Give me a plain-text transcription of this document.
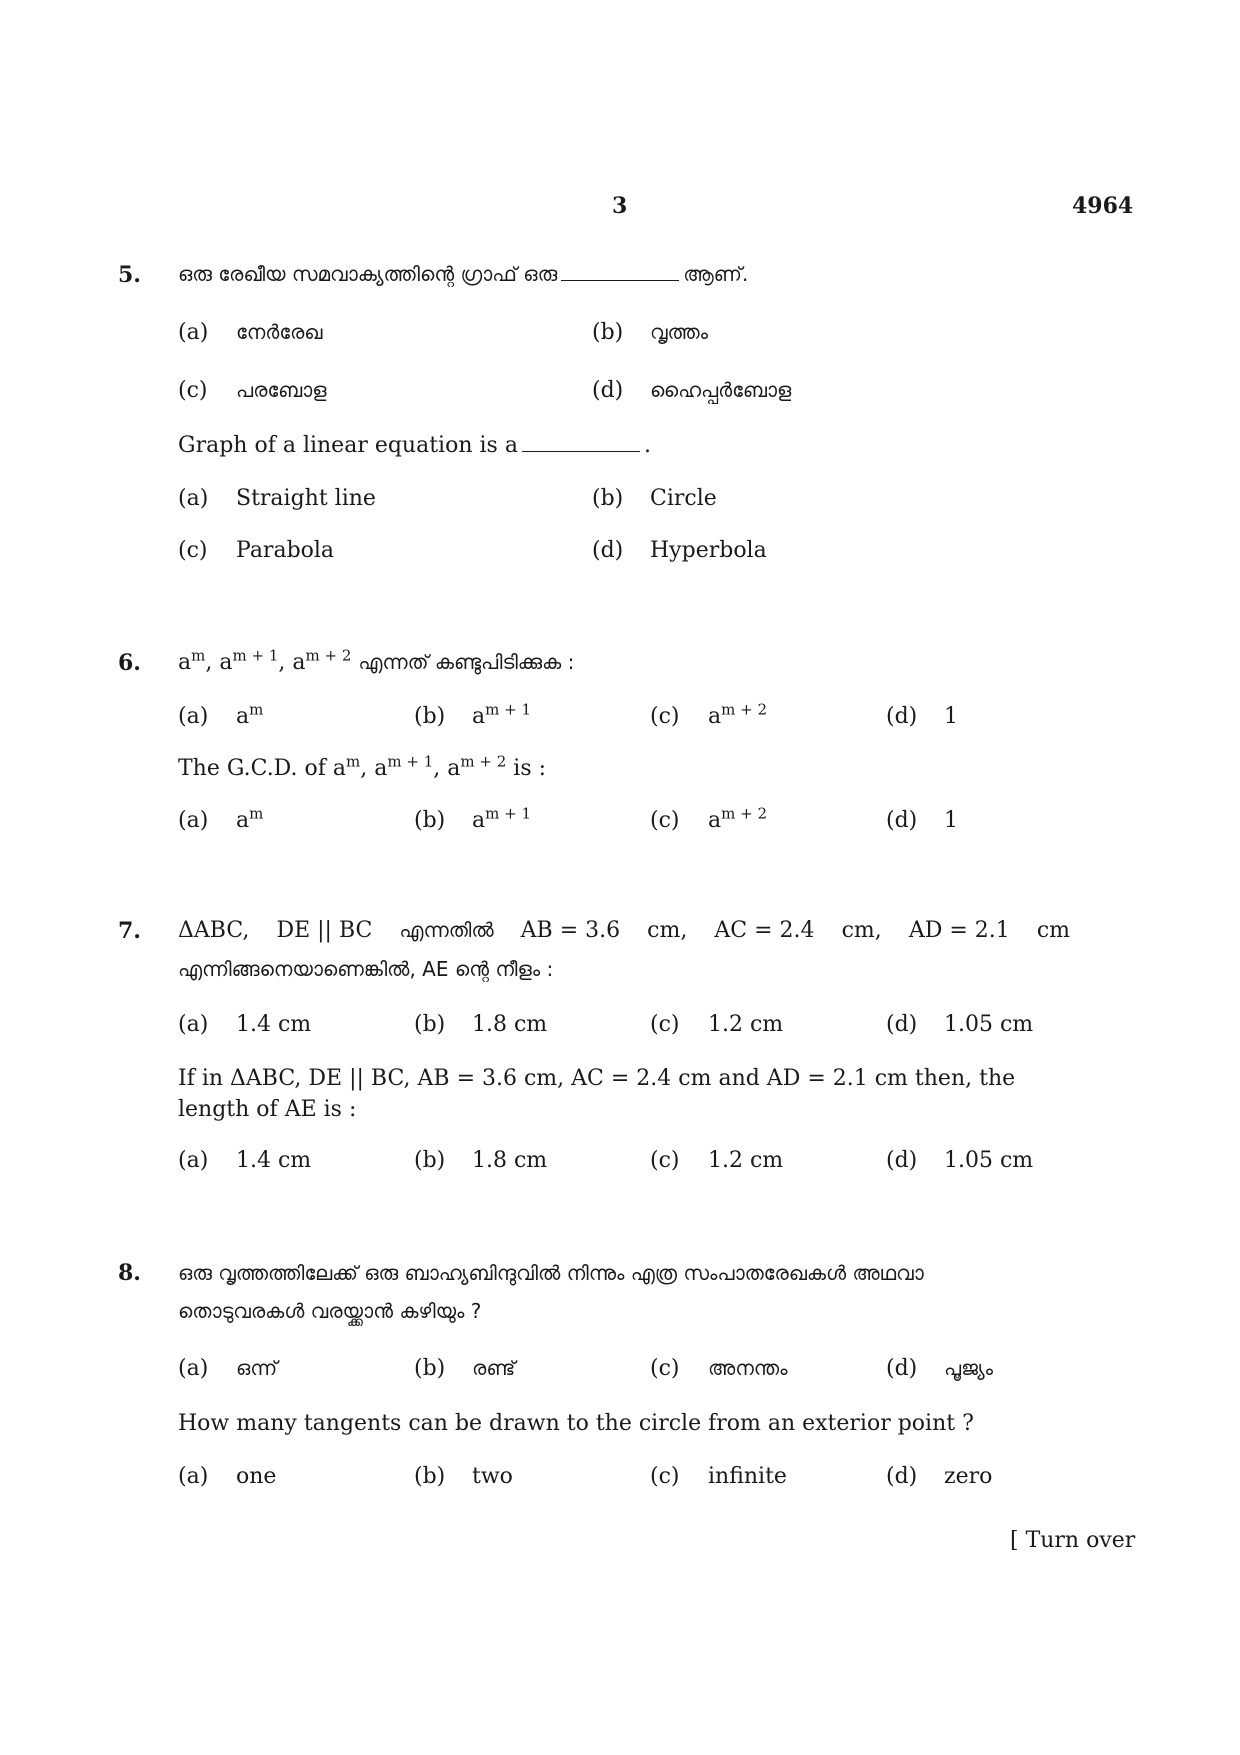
3	4964
5. ഒരു രേഖീയ സമവാക്യത്തിന്റെ ഗ്രാഫ് ഒരു	ആണ്.
(a) നേർരേഖ	(b) വൃത്തം
(c) പരബോള	(d) ഹൈപ്പർബോള
Graph of a linear equation is a	.
(a) Straight line	(b) Circle
(c) Parabola	(d) Hyperbola
6. $a^m$, $a^{m + 1}$, $a^{m + 2}$ എന്നത് കണ്ടുപിടിക്കുക :
(a) $a^m$	(b) $a^{m + 1}$	(c) $a^{m + 2}$	(d) 1
The G.C.D. of $a^m$, $a^{m + 1}$, $a^{m + 2}$ is :
(a) $a^m$	(b) $a^{m + 1}$	(c) $a^{m + 2}$	(d) 1
7. ΔABC, DE || BC എന്നതിൽ AB = 3.6 cm, AC = 2.4 cm, AD = 2.1 cm
എന്നിങ്ങനെയാണെങ്കിൽ, AE ന്റെ നീളം :
(a) 1.4 cm	(b) 1.8 cm	(c) 1.2 cm	(d) 1.05 cm
If in ΔABC, DE || BC, AB = 3.6 cm, AC = 2.4 cm and AD = 2.1 cm then, the length of AE is :
(a) 1.4 cm	(b) 1.8 cm	(c) 1.2 cm	(d) 1.05 cm
8. ഒരു വൃത്തത്തിലേക്ക് ഒരു ബാഹ്യബിന്ദുവിൽ നിന്നും എത്ര സംപാതരേഖകൾ അഥവാ
തൊടുവരകൾ വരയ്ക്കാൻ കഴിയും ?
(a) ഒന്ന്	(b) രണ്ട്	(c) അനന്തം	(d) പൂജ്യം
How many tangents can be drawn to the circle from an exterior point ?
(a) one	(b) two	(c) infinite	(d) zero
[ Turn over
